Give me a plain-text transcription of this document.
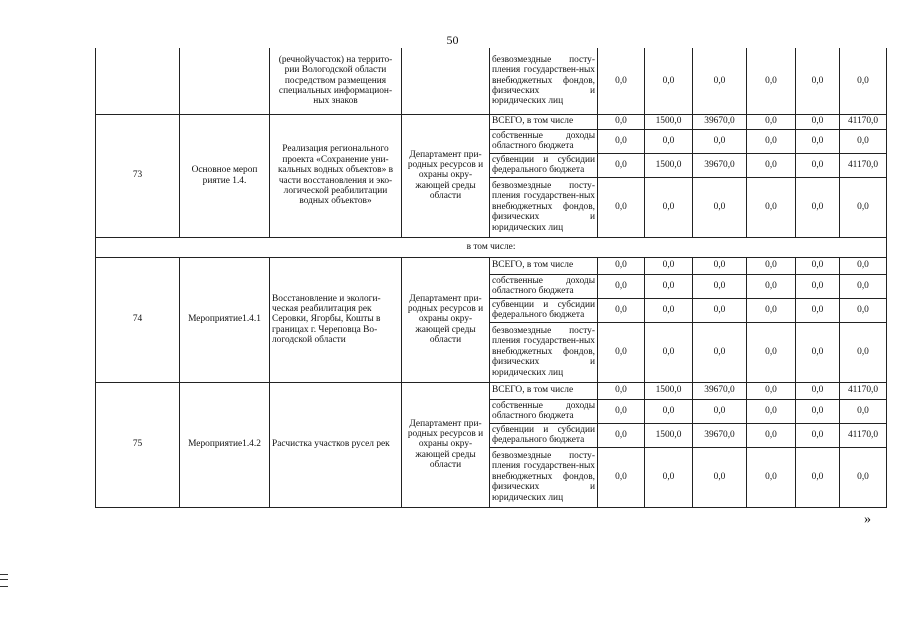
50
		(речнойучасток) на террито-рии Вологодской области посредством размещения специальных информацион-ных знаков		безвозмездные посту-пления государствен-ных внебюджетных фондов, физических и юридических лиц	0,0	0,0	0,0	0,0	0,0	0,0
73	Основное мероп риятие 1.4.	Реализация регионального проекта «Сохранение уни-кальных водных объектов» в части восстановления и эко-логической реабилитации водных объектов»	Департамент при-родных ресурсов и охраны окру-жающей среды области	ВСЕГО, в том числе	0,0	1500,0	39670,0	0,0	0,0	41170,0
				собственные доходы областного бюджета	0,0	0,0	0,0	0,0	0,0	0,0
				субвенции и субсидии федерального бюджета	0,0	1500,0	39670,0	0,0	0,0	41170,0
				безвозмездные посту-пления государствен-ных внебюджетных фондов, физических и юридических лиц	0,0	0,0	0,0	0,0	0,0	0,0
в том числе:										
74	Мероприятие1.4.1	Восстановление и экологи-ческая реабилитация рек Серовки, Ягорбы, Кошты в границах г. Череповца Во-логодской области	Департамент при-родных ресурсов и охраны окру-жающей среды области	ВСЕГО, в том числе	0,0	0,0	0,0	0,0	0,0	0,0
				собственные доходы областного бюджета	0,0	0,0	0,0	0,0	0,0	0,0
				субвенции и субсидии федерального бюджета	0,0	0,0	0,0	0,0	0,0	0,0
				безвозмездные посту-пления государствен-ных внебюджетных фондов, физических и юридических лиц	0,0	0,0	0,0	0,0	0,0	0,0
75	Мероприятие1.4.2	Расчистка участков русел рек	Департамент при-родных ресурсов и охраны окру-жающей среды области	ВСЕГО, в том числе	0,0	1500,0	39670,0	0,0	0,0	41170,0
				собственные доходы областного бюджета	0,0	0,0	0,0	0,0	0,0	0,0
				субвенции и субсидии федерального бюджета	0,0	1500,0	39670,0	0,0	0,0	41170,0
				безвозмездные посту-пления государствен-ных внебюджетных фондов, физических и юридических лиц	0,0	0,0	0,0	0,0	0,0	0,0
»
